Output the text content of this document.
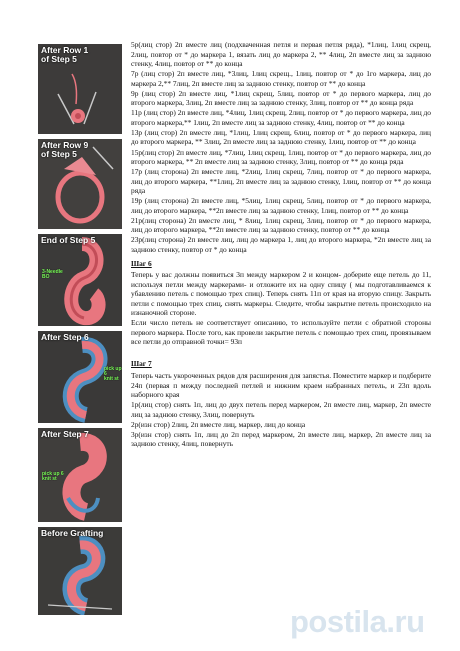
After Row 1
of Step 5
After Row 9
of Step 5
End of Step 5
3-Needle
BO
After Step 6
pick up 6
knit st
After Step 7
pick up 6
knit st
Before Grafting

5р(лиц стор) 2п вместе лиц (подхваченная петля и первая петля ряда), *1лиц, 1лиц скрещ, 2лиц, повтор от * до маркера 1, вязать лиц до маркера 2, ** 4лиц, 2п вместе лиц за заднюю стенку, 4лиц, повтор от ** до конца

7р (лиц стор) 2п вместе лиц, *3лиц, 1лиц скрещ., 1лиц, повтор от * до 1го маркера, лиц до маркера 2,** 7лиц, 2п вместе лиц за заднюю стенку, повтор от ** до конца

9р (лиц стор) 2п вместе лиц, *1лиц скрещ, 5лиц, повтор от * до первого маркера, лиц до второго маркера, 3лиц, 2п вместе лиц за заднюю стенку, 3лиц, повтор от ** до конца ряда

11р (лиц стор) 2п вместе лиц, *4лиц, 1лиц скрещ, 2лиц, повтор от * до первого маркера, лиц до второго маркера,** 1лиц, 2п вместе лиц за заднюю стенку, 4лиц, повтор от ** до конца

13р (лиц стор) 2п вместе лиц, *1лиц, 1лиц скрещ, 6лиц, повтор от * до первого маркера, лиц до второго маркера, ** 3лиц, 2п вместе лиц за заднюю стенку, 1лиц, повтор от ** до конца

15р(лиц стор) 2п вместе лиц, *7лиц, 1лиц скрещ, 1лиц, повтор от * до первого маркера, лиц до второго маркера, ** 2п вместе лиц за заднюю стенку, 3лиц, повтор от ** до конца ряда

17р (лиц сторона) 2п вместе лиц, *2лиц, 1лиц скрещ, 7лиц, повтор от * до первого маркера, лиц до второго маркера, **1лиц, 2п вместе лиц за заднюю стенку, 1лиц, повтор от ** до конца ряда

19р (лиц сторона) 2п вместе лиц, *5лиц, 1лиц скрещ, 5лиц, повтор от * до первого маркера, лиц до второго маркера, **2п вместе лиц за заднюю стенку, 1лиц, повтор от ** до конца

21р(лиц сторона) 2п вместе лиц, * 8лиц, 1лиц скрещ, 3лиц, повтор от * до первого маркера, лиц до второго маркера, **2п вместе лиц за заднюю стенку, повтор от ** до конца

23р(лиц сторона) 2п вместе лиц, лиц до маркера 1, лиц до второго маркера, *2п вместе лиц за заднюю стенку, повтор от * до конца

Шаг 6

Теперь у вас должны появиться 3п между маркером 2 и концом- добериte еще петель до 11, используя петли между маркерами- и отложите их на одну спицу ( мы подготавливаемся к убавлению петель с помощью трех спиц). Теперь снять 11п от края на вторую спицу. Закрыть петли с помощью трех спиц, снять маркеры. Следите, чтобы закрытие петель происходило на изнаночной стороне.

Если число петель не соответствует описанию, то используйте петли с обратной стороны первого маркера. После того, как провели закрытие петель с помощью трех спиц, провязываем все петли до отправной точки= 93п

Шаг 7

Теперь часть укороченных рядов для расширения для запястья. Поместите маркер и подберите 24п (первая п между последней петлей и нижним краем набранных петель, и 23п вдоль наборного края

1р(лиц стор) снять 1п, лиц до двух петель перед маркером, 2п вместе лиц, маркер, 2п вместе лиц за заднюю стенку, 3лиц, повернуть

2р(изн стор) 2лиц, 2п вместе лиц, маркер, лиц до конца

3р(изн стор) снять 1п, лиц до 2п перед маркером, 2п вместе лиц, маркер, 2п вместе лиц за заднюю стенку, 4лиц, повернуть

postila.ru
